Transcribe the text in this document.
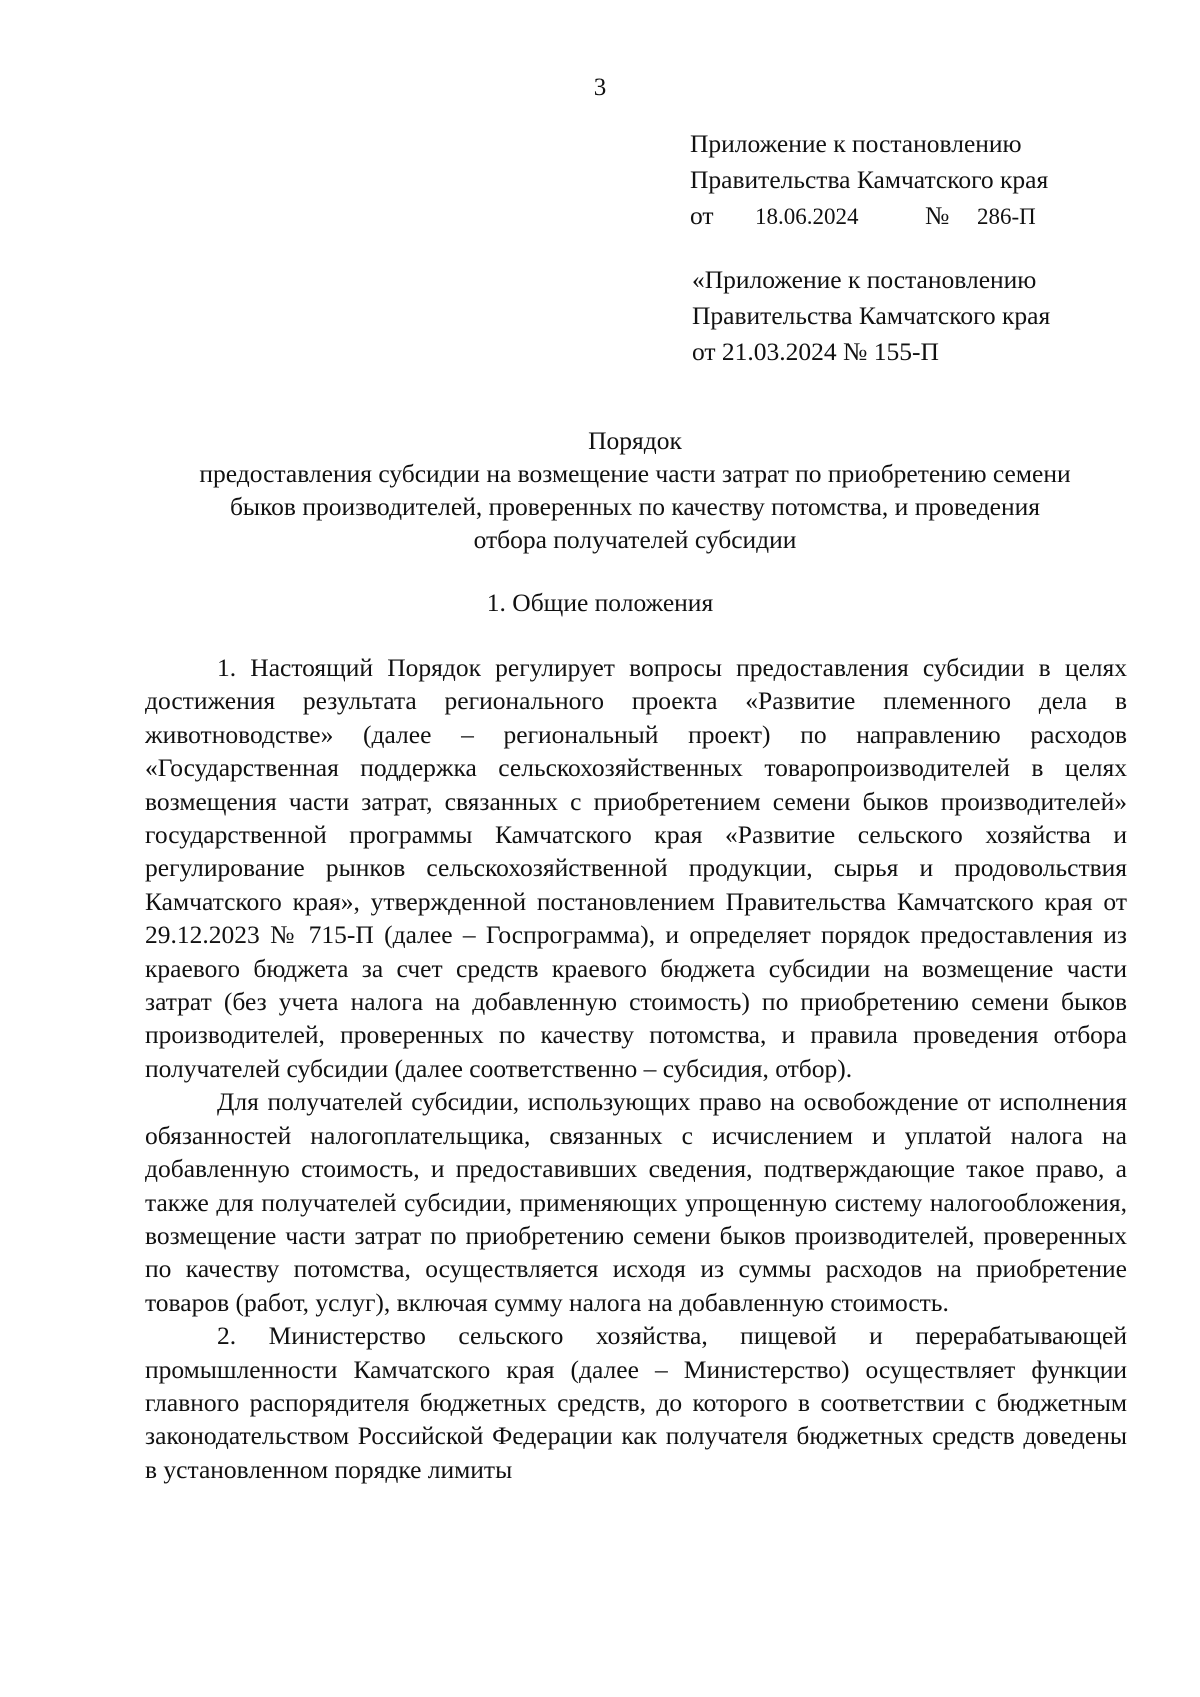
3
Приложение к постановлению
Правительства Камчатского края
от 18.06.2024	№ 286-П
«Приложение к постановлению
Правительства Камчатского края
от 21.03.2024 № 155-П
Порядок
предоставления субсидии на возмещение части затрат по приобретению семени
быков производителей, проверенных по качеству потомства, и проведения
отбора получателей субсидии
1. Общие положения

1. Настоящий Порядок регулирует вопросы предоставления субсидии в целях достижения результата регионального проекта «Развитие племенного дела в животноводстве» (далее – региональный проект) по направлению расходов «Государственная поддержка сельскохозяйственных товаропроизводителей в целях возмещения части затрат, связанных с приобретением семени быков производителей» государственной программы Камчатского края «Развитие сельского хозяйства и регулирование рынков сельскохозяйственной продукции, сырья и продовольствия Камчатского края», утвержденной постановлением Правительства Камчатского края от 29.12.2023 № 715-П (далее – Госпрограмма), и определяет порядок предоставления из краевого бюджета за счет средств краевого бюджета субсидии на возмещение части затрат (без учета налога на добавленную стоимость) по приобретению семени быков производителей, проверенных по качеству потомства, и правила проведения отбора получателей субсидии (далее соответственно – субсидия, отбор).

Для получателей субсидии, использующих право на освобождение от исполнения обязанностей налогоплательщика, связанных с исчислением и уплатой налога на добавленную стоимость, и предоставивших сведения, подтверждающие такое право, а также для получателей субсидии, применяющих упрощенную систему налогообложения, возмещение части затрат по приобретению семени быков производителей, проверенных по качеству потомства, осуществляется исходя из суммы расходов на приобретение товаров (работ, услуг), включая сумму налога на добавленную стоимость.

2. Министерство сельского хозяйства, пищевой и перерабатывающей промышленности Камчатского края (далее – Министерство) осуществляет функции главного распорядителя бюджетных средств, до которого в соответствии с бюджетным законодательством Российской Федерации как получателя бюджетных средств доведены в установленном порядке лимиты
